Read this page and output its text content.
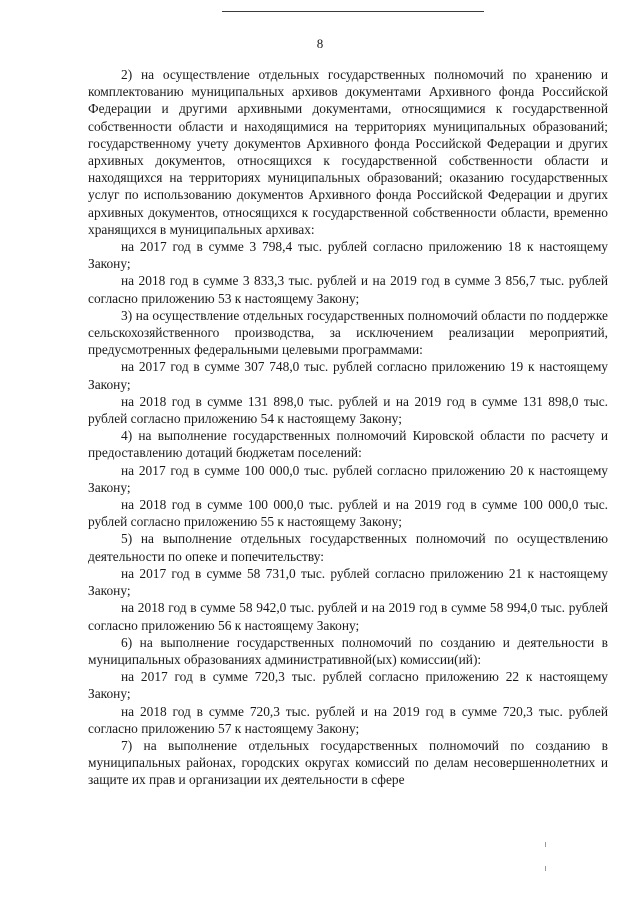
8

2) на осуществление отдельных государственных полномочий по хранению и комплектованию муниципальных архивов документами Архивного фонда Российской Федерации и другими архивными документами, относящимися к государственной собственности области и находящимися на территориях муниципальных образований; государственному учету документов Архивного фонда Российской Федерации и других архивных документов, относящихся к государственной собственности области и находящихся на территориях муниципальных образований; оказанию государственных услуг по использованию документов Архивного фонда Российской Федерации и других архивных документов, относящихся к государственной собственности области, временно хранящихся в муниципальных архивах:

на 2017 год в сумме 3 798,4 тыс. рублей согласно приложению 18 к настоящему Закону;

на 2018 год в сумме 3 833,3 тыс. рублей и на 2019 год в сумме 3 856,7 тыс. рублей согласно приложению 53 к настоящему Закону;

3) на осуществление отдельных государственных полномочий области по поддержке сельскохозяйственного производства, за исключением реализации мероприятий, предусмотренных федеральными целевыми программами:

на 2017 год в сумме 307 748,0 тыс. рублей согласно приложению 19 к настоящему Закону;

на 2018 год в сумме 131 898,0 тыс. рублей и на 2019 год в сумме 131 898,0 тыс. рублей согласно приложению 54 к настоящему Закону;

4) на выполнение государственных полномочий Кировской области по расчету и предоставлению дотаций бюджетам поселений:

на 2017 год в сумме 100 000,0 тыс. рублей согласно приложению 20 к настоящему Закону;

на 2018 год в сумме 100 000,0 тыс. рублей и на 2019 год в сумме 100 000,0 тыс. рублей согласно приложению 55 к настоящему Закону;

5) на выполнение отдельных государственных полномочий по осуществлению деятельности по опеке и попечительству:

на 2017 год в сумме 58 731,0 тыс. рублей согласно приложению 21 к настоящему Закону;

на 2018 год в сумме 58 942,0 тыс. рублей и на 2019 год в сумме 58 994,0 тыс. рублей согласно приложению 56 к настоящему Закону;

6) на выполнение государственных полномочий по созданию и деятельности в муниципальных образованиях административной(ых) комиссии(ий):

на 2017 год в сумме 720,3 тыс. рублей согласно приложению 22 к настоящему Закону;

на 2018 год в сумме 720,3 тыс. рублей и на 2019 год в сумме 720,3 тыс. рублей согласно приложению 57 к настоящему Закону;

7) на выполнение отдельных государственных полномочий по созданию в муниципальных районах, городских округах комиссий по делам несовершеннолетних и защите их прав и организации их деятельности в сфере
